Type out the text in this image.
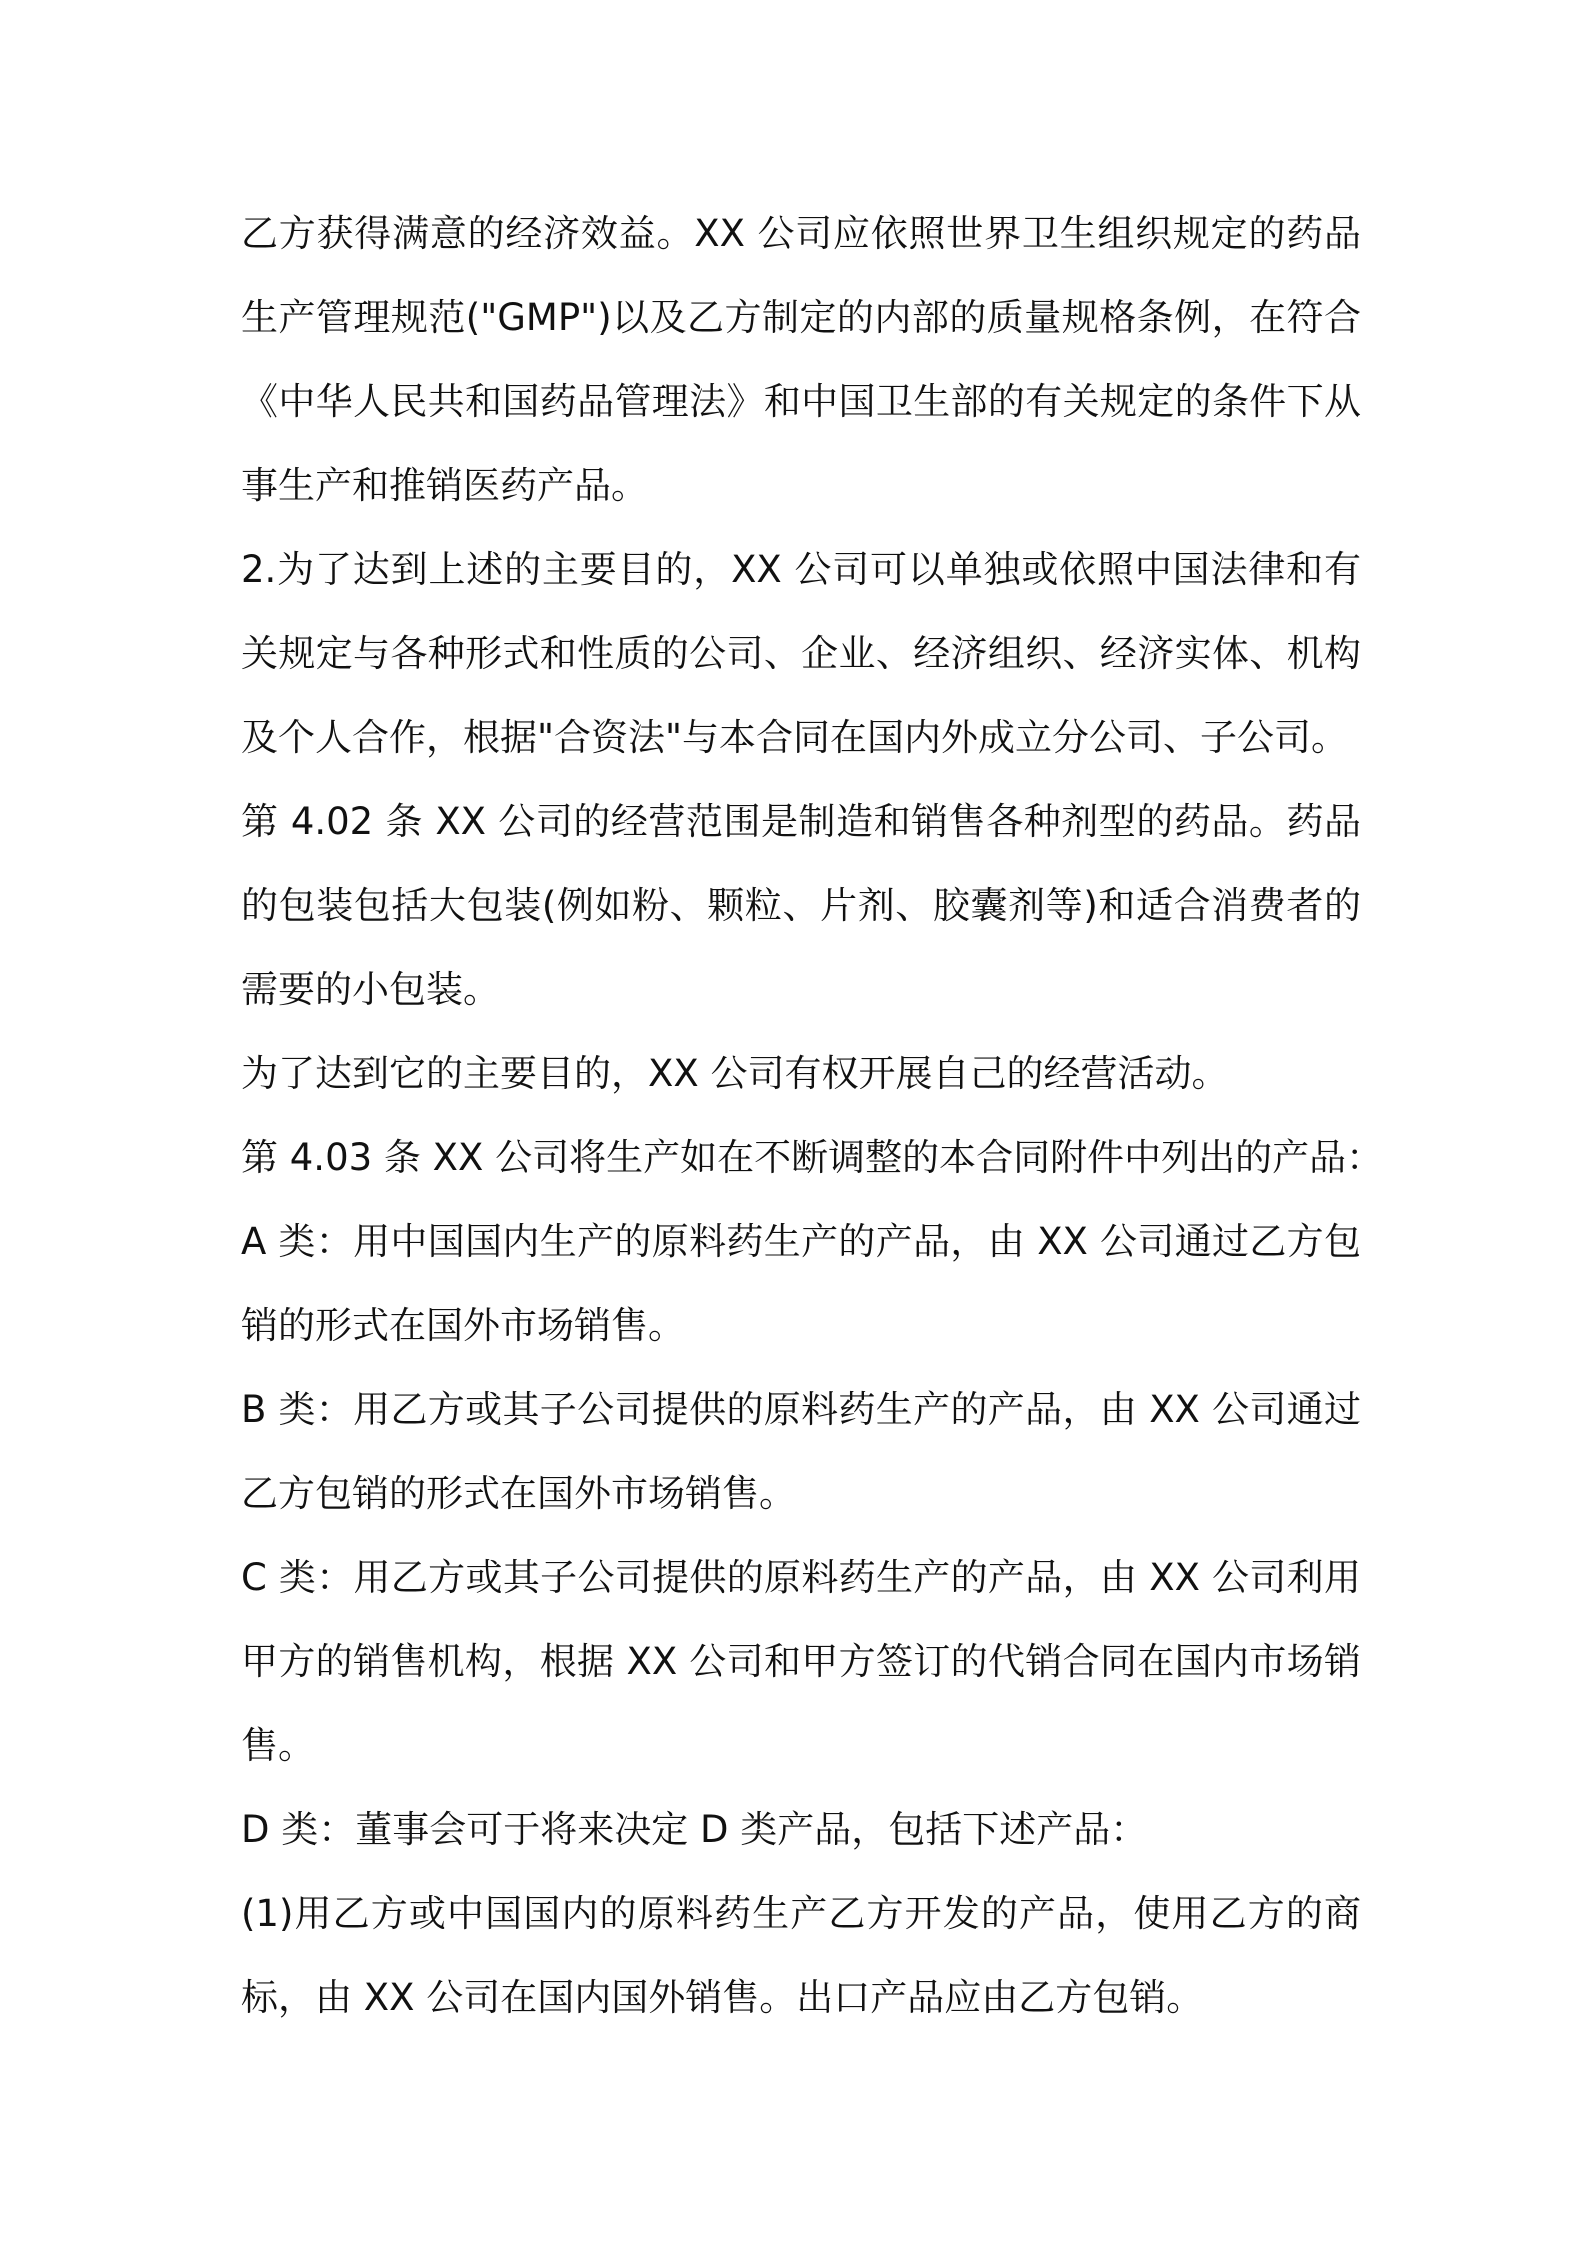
乙方获得满意的经济效益。XX 公司应依照世界卫生组织规定的药品
生产管理规范("GMP")以及乙方制定的内部的质量规格条例，在符合
《中华人民共和国药品管理法》和中国卫生部的有关规定的条件下从
事生产和推销医药产品。
2.为了达到上述的主要目的，XX 公司可以单独或依照中国法律和有
关规定与各种形式和性质的公司、企业、经济组织、经济实体、机构
及个人合作，根据"合资法"与本合同在国内外成立分公司、子公司。
第 4.02 条 XX 公司的经营范围是制造和销售各种剂型的药品。药品
的包装包括大包装(例如粉、颗粒、片剂、胶囊剂等)和适合消费者的
需要的小包装。
为了达到它的主要目的，XX 公司有权开展自己的经营活动。
第 4.03 条 XX 公司将生产如在不断调整的本合同附件中列出的产品：
A 类：用中国国内生产的原料药生产的产品，由 XX 公司通过乙方包
销的形式在国外市场销售。
B 类：用乙方或其子公司提供的原料药生产的产品，由 XX 公司通过
乙方包销的形式在国外市场销售。
C 类：用乙方或其子公司提供的原料药生产的产品，由 XX 公司利用
甲方的销售机构，根据 XX 公司和甲方签订的代销合同在国内市场销
售。
D 类：董事会可于将来决定 D 类产品，包括下述产品：
(1)用乙方或中国国内的原料药生产乙方开发的产品，使用乙方的商
标，由 XX 公司在国内国外销售。出口产品应由乙方包销。
